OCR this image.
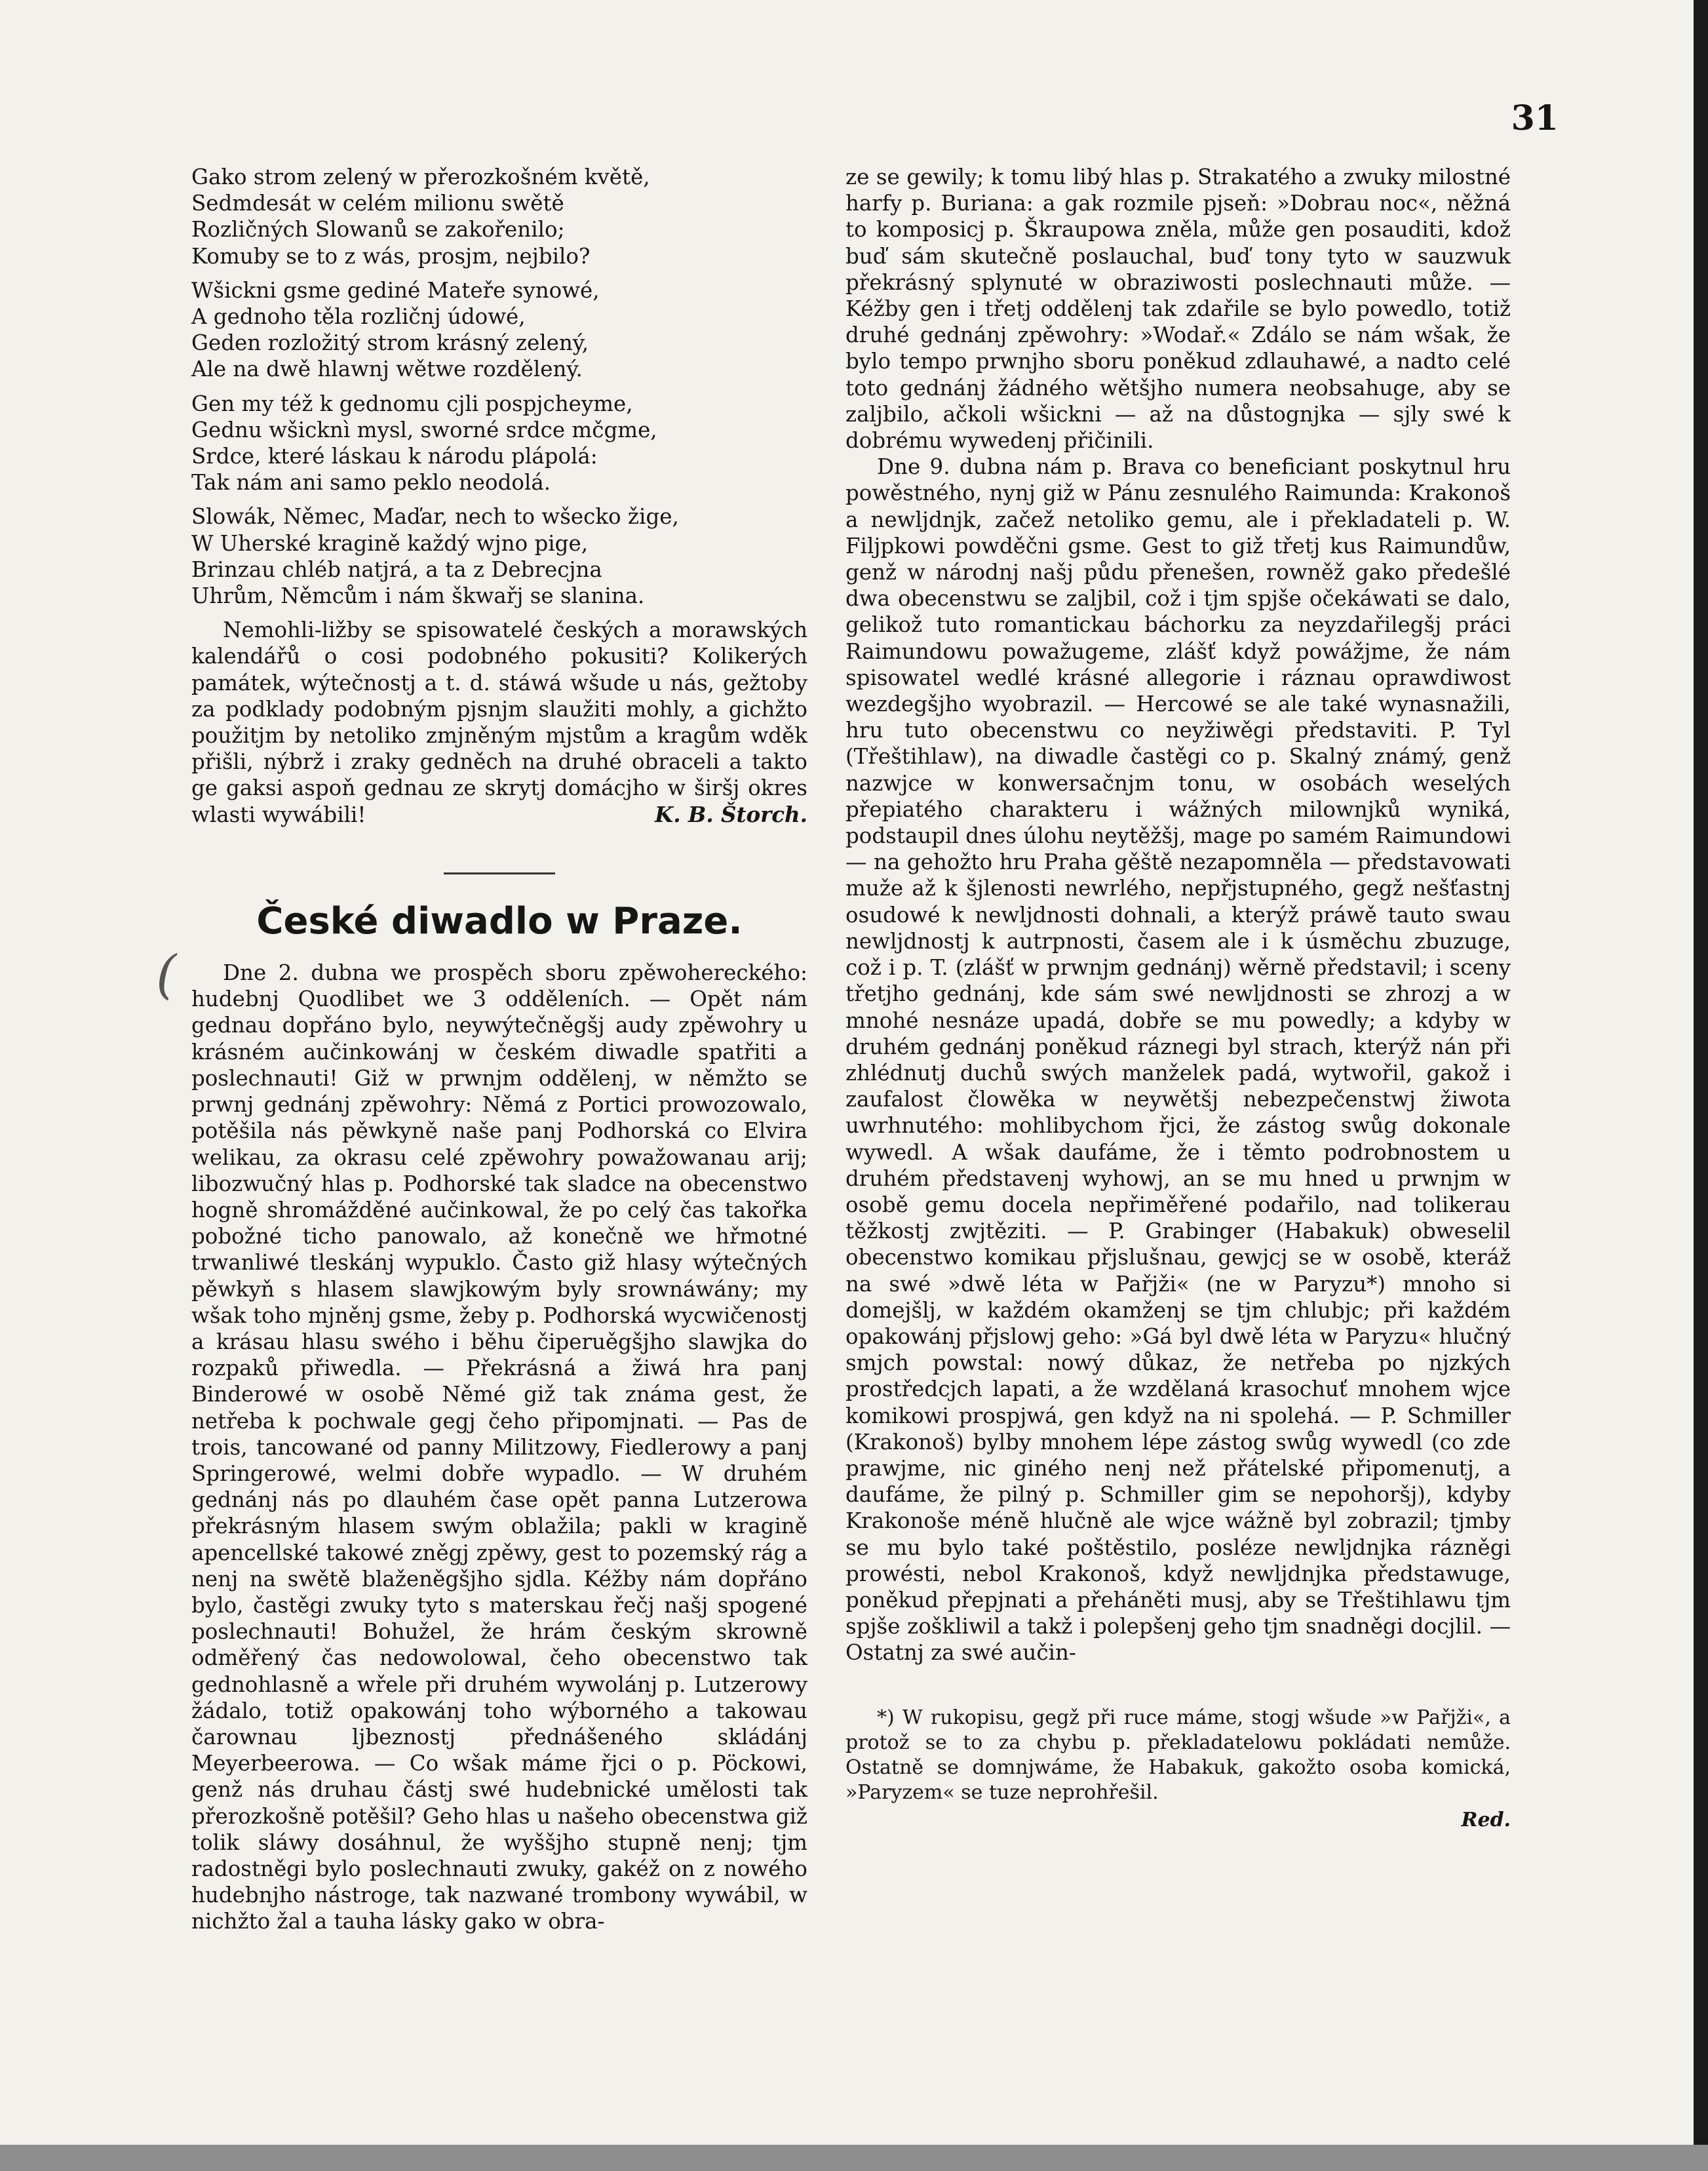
31
(
Gako strom zelený w přerozkošném květě,
Sedmdesát w celém milionu swětě
Rozličných Slowanů se zakořenilo;
Komuby se to z wás, prosjm, nejbilo?
Wšickni gsme gediné Mateře synowé,
A gednoho těla rozličnj údowé,
Geden rozložitý strom krásný zelený,
Ale na dwě hlawnj wětwe rozdělený.
Gen my též k gednomu cjli pospjcheyme,
Gednu wšicknì mysl, sworné srdce mčgme,
Srdce, které láskau k národu plápolá:
Tak nám ani samo peklo neodolá.
Slowák, Němec, Maďar, nech to wšecko žige,
W Uherské kragině každý wjno pige,
Brinzau chléb natjrá, a ta z Debrecjna
Uhrům, Němcům i nám škwařj se slanina.

Nemohli-ližby se spisowatelé českých a morawských kalendářů o cosi podobného pokusiti? Kolikerých památek, wýtečnostj a t. d. stáwá wšude u nás, gežtoby za podklady podobným pjsnjm slaužiti mohly, a gichžto použitjm by netoliko zmjněným mjstům a kragům wděk přišli, nýbrž i zraky gedněch na druhé obraceli a takto ge gaksi aspoň gednau ze skrytj domácjho w širšj okres wlasti wywábili!	K. B. Štorch.
České diwadlo w Praze.

Dne 2. dubna we prospěch sboru zpěwohereckého: hudebnj Quodlibet we 3 odděleních. — Opět nám gednau dopřáno bylo, neywýtečněgšj audy zpěwohry u krásném aučinkowánj w českém diwadle spatřiti a poslechnauti! Giž w prwnjm oddělenj, w němžto se prwnj gednánj zpěwohry: Němá z Portici prowozowalo, potěšila nás pěwkyně naše panj Podhorská co Elvira welikau, za okrasu celé zpěwohry powažowanau arij; libozwučný hlas p. Podhorské tak sladce na obecenstwo hogně shromážděné aučinkowal, že po celý čas takořka pobožné ticho panowalo, až konečně we hřmotné trwanliwé tleskánj wypuklo. Často giž hlasy wýtečných pěwkyň s hlasem slawjkowým byly srownáwány; my wšak toho mjněnj gsme, žeby p. Podhorská wycwičenostj a krásau hlasu swého i běhu čiperuěgšjho slawjka do rozpaků přiwedla. — Překrásná a žiwá hra panj Binderowé w osobě Němé giž tak známa gest, že netřeba k pochwale gegj čeho připomjnati. — Pas de trois, tancowané od panny Militzowy, Fiedlerowy a panj Springerowé, welmi dobře wypadlo. — W druhém gednánj nás po dlauhém čase opět panna Lutzerowa překrásným hlasem swým oblažila; pakli w kragině apencellské takowé zněgj zpěwy, gest to pozemský rág a nenj na swětě blaženěgšjho sjdla. Kéžby nám dopřáno bylo, častěgi zwuky tyto s materskau řečj našj spogené poslechnauti! Bohužel, že hrám českým skrowně odměřený čas nedowolowal, čeho obecenstwo tak gednohlasně a wřele při druhém wywolánj p. Lutzerowy žádalo, totiž opakowánj toho wýborného a takowau čarownau ljbeznostj přednášeného skládánj Meyerbeerowa. — Co wšak máme řjci o p. Pöckowi, genž nás druhau částj swé hudebnické umělosti tak přerozkošně potěšil? Geho hlas u našeho obecenstwa giž tolik sláwy dosáhnul, že wyššjho stupně nenj; tjm radostněgi bylo poslechnauti zwuky, gakéž on z nowého hudebnjho nástroge, tak nazwané trombony wywábil, w nichžto žal a tauha lásky gako w obra-

ze se gewily; k tomu libý hlas p. Strakatého a zwuky milostné harfy p. Buriana: a gak rozmile pjseň: »Dobrau noc«, něžná to komposicj p. Škraupowa zněla, může gen posauditi, kdož buď sám skutečně poslauchal, buď tony tyto w sauzwuk překrásný splynuté w obraziwosti poslechnauti může. — Kéžby gen i třetj oddělenj tak zdařile se bylo powedlo, totiž druhé gednánj zpěwohry: »Wodař.« Zdálo se nám wšak, že bylo tempo prwnjho sboru poněkud zdlauhawé, a nadto celé toto gednánj žádného wětšjho numera neobsahuge, aby se zaljbilo, ačkoli wšickni — až na důstognjka — sjly swé k dobrému wywedenj přičinili.

Dne 9. dubna nám p. Brava co beneficiant poskytnul hru powěstného, nynj giž w Pánu zesnulého Raimunda: Krakonoš a newljdnjk, začež netoliko gemu, ale i překladateli p. W. Filjpkowi powděčni gsme. Gest to giž třetj kus Raimundůw, genž w národnj našj půdu přenešen, rowněž gako předešlé dwa obecenstwu se zaljbil, což i tjm spjše očekáwati se dalo, gelikož tuto romantickau báchorku za neyzdařilegšj práci Raimundowu powažugeme, zlášť když powážjme, že nám spisowatel wedlé krásné allegorie i ráznau oprawdiwost wezdegšjho wyobrazil. — Hercowé se ale také wynasnažili, hru tuto obecenstwu co neyžiwěgi představiti. P. Tyl (Třeštihlaw), na diwadle častěgi co p. Skalný známý, genž nazwjce w konwersačnjm tonu, w osobách weselých přepiatého charakteru i wážných milownjků wyniká, podstaupil dnes úlohu neytěžšj, mage po samém Raimundowi — na gehožto hru Praha gěště nezapomněla — představowati muže až k šjlenosti newrlého, nepřjstupného, gegž nešťastnj osudowé k newljdnosti dohnali, a kterýž práwě tauto swau newljdnostj k autrpnosti, časem ale i k úsměchu zbuzuge, což i p. T. (zlášť w prwnjm gednánj) wěrně představil; i sceny třetjho gednánj, kde sám swé newljdnosti se zhrozj a w mnohé nesnáze upadá, dobře se mu powedly; a kdyby w druhém gednánj poněkud ráznegi byl strach, kterýž nán při zhlédnutj duchů swých manželek padá, wytwořil, gakož i zaufalost člowěka w neywětšj nebezpečenstwj žiwota uwrhnutého: mohlibychom řjci, že zástog swůg dokonale wywedl. A wšak daufáme, že i těmto podrobnostem u druhém představenj wyhowj, an se mu hned u prwnjm w osobě gemu docela nepřiměřené podařilo, nad tolikerau těžkostj zwjtěziti. — P. Grabinger (Habakuk) obweselil obecenstwo komikau přjslušnau, gewjcj se w osobě, kteráž na swé »dwě léta w Pařjži« (ne w Paryzu*) mnoho si domejšlj, w každém okamženj se tjm chlubjc; při každém opakowánj přjslowj geho: »Gá byl dwě léta w Paryzu« hlučný smjch powstal: nowý důkaz, že netřeba po njzkých prostředcjch lapati, a že wzdělaná krasochuť mnohem wjce komikowi prospjwá, gen když na ni spolehá. — P. Schmiller (Krakonoš) bylby mnohem lépe zástog swůg wywedl (co zde prawjme, nic giného nenj než přátelské připomenutj, a daufáme, že pilný p. Schmiller gim se nepohoršj), kdyby Krakonoše méně hlučně ale wjce wážně byl zobrazil; tjmby se mu bylo také poštěstilo, posléze newljdnjka rázněgi prowésti, nebol Krakonoš, když newljdnjka předstawuge, poněkud přepjnati a přeháněti musj, aby se Třeštihlawu tjm spjše zoškliwil a takž i polepšenj geho tjm snadněgi docjlil. — Ostatnj za swé aučin-

*) W rukopisu, gegž při ruce máme, stogj wšude »w Pařjži«, a protož se to za chybu p. překladatelowu pokládati nemůže. Ostatně se domnjwáme, že Habakuk, gakožto osoba komická, »Paryzem« se tuze neprohřešil.

Red.
